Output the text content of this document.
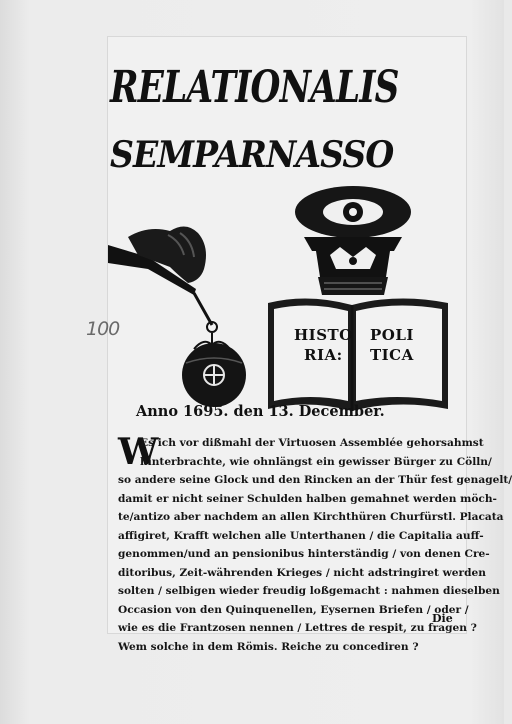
RELATIONALIS
SEMPARNASSO
HISTO
RIA:
POLI
TICA
100
Anno 1695. den 13. December.
W
Es ich vor dißmahl der Virtuosen Assemblée gehorsahmst
hinterbrachte, wie ohnlängst ein gewisser Bürger zu Cölln/
so andere seine Glock und den Rincken an der Thür fest genagelt/
damit er nicht seiner Schulden halben gemahnet werden möch-
te/antizo aber nachdem an allen Kirchthüren Churfürstl. Placata
affigiret, Krafft welchen alle Unterthanen / die Capitalia auff-
genommen/und an pensionibus hinterständig / von denen Cre-
ditoribus, Zeit-währenden Krieges / nicht adstringiret werden
solten / selbigen wieder freudig loßgemacht : nahmen dieselben
Occasion von den Quinquenellen, Eysernen Briefen / oder /
wie es die Frantzosen nennen / Lettres de respit, zu fragen ?
Wem solche in dem Römis. Reiche zu concediren ?
Die
